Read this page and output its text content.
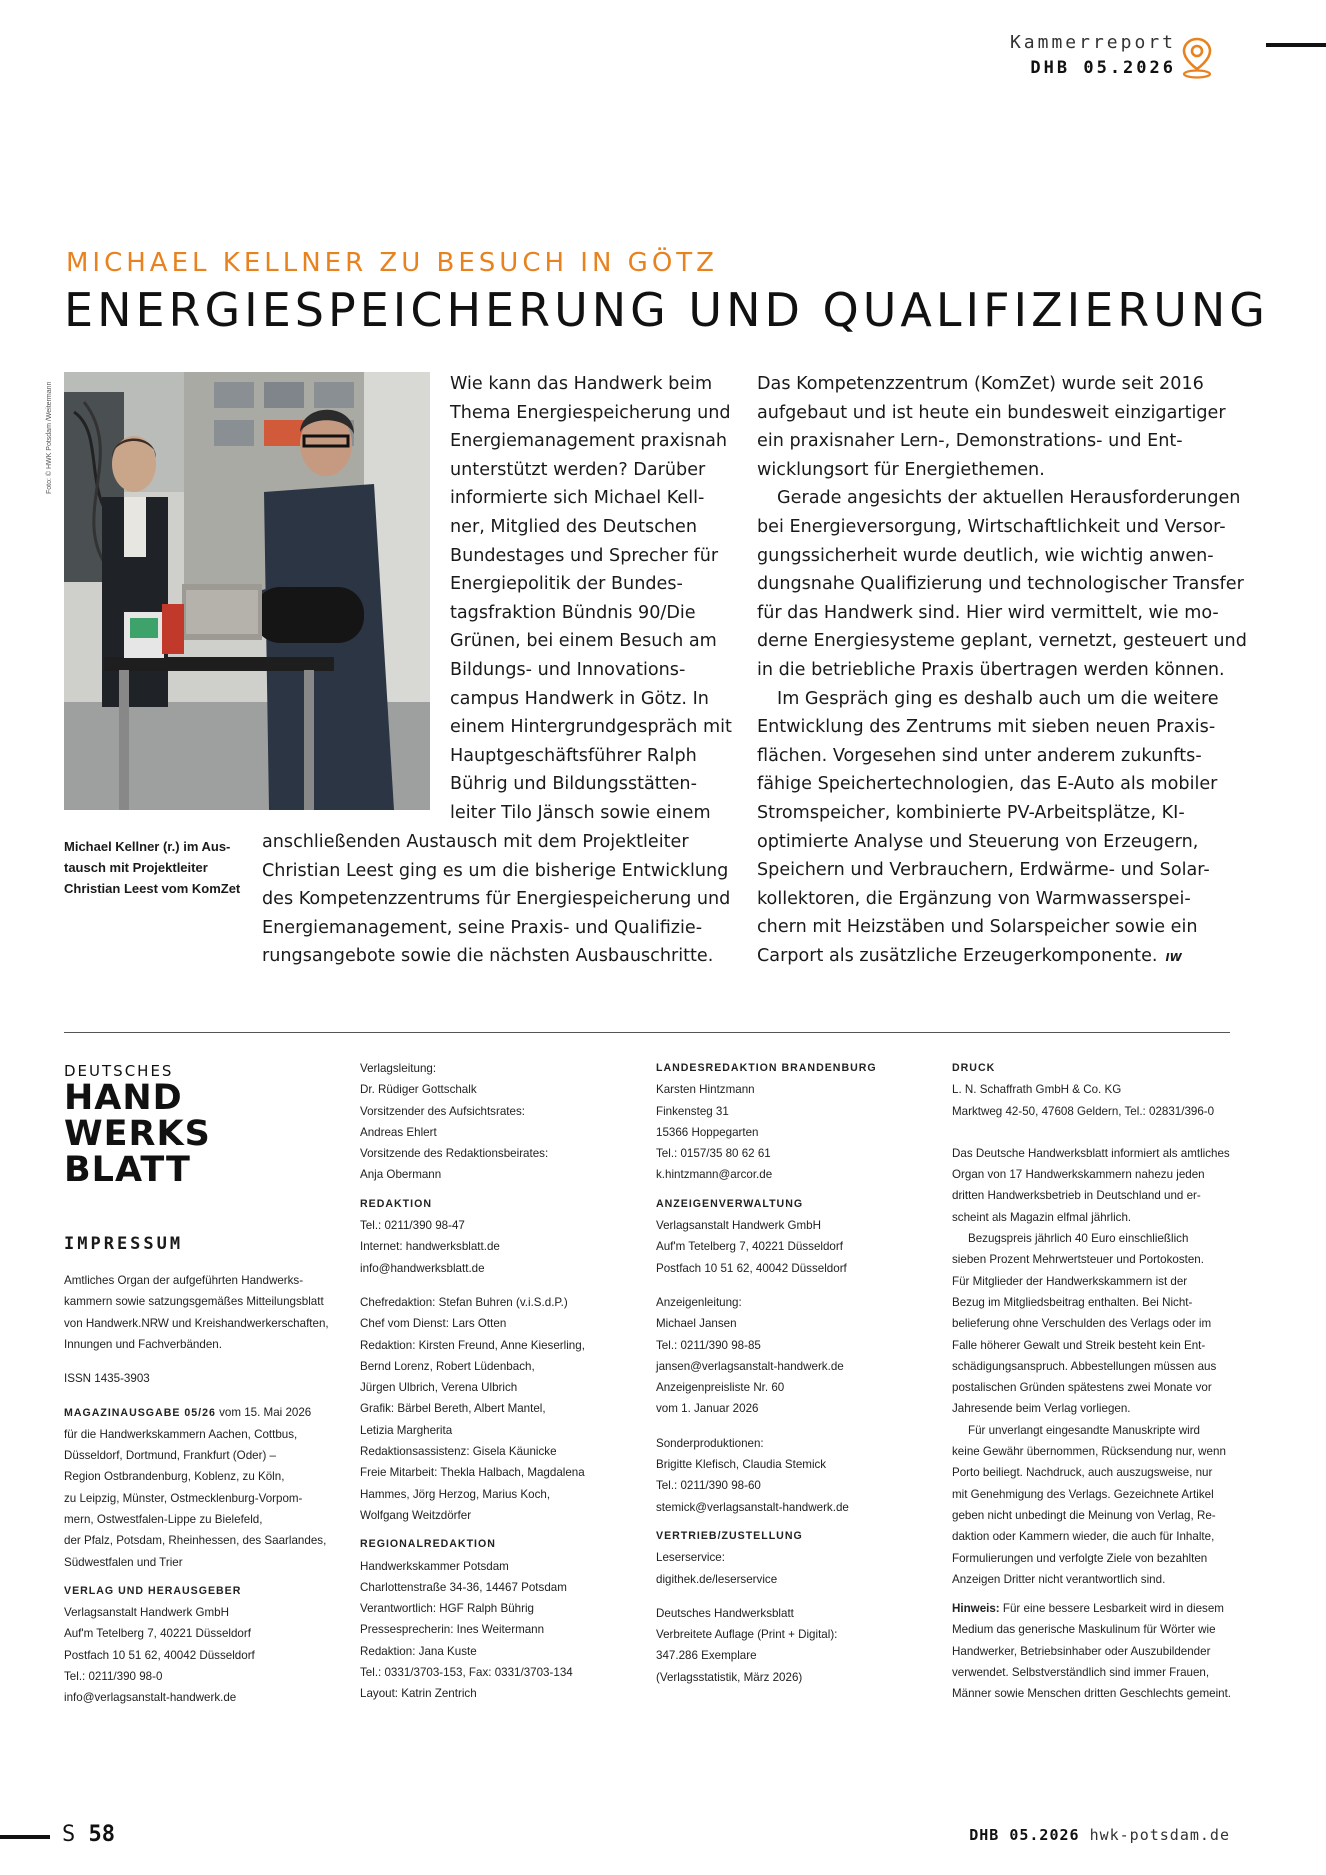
Kammerreport
DHB 05.2026
MICHAEL KELLNER ZU BESUCH IN GÖTZ
ENERGIESPEICHERUNG UND QUALIFIZIERUNG
Foto: © HWK Potsdam /Weitermann
Michael Kellner (r.) im Aus-
tausch mit Projektleiter
Christian Leest vom KomZet
Wie kann das Handwerk beim
Thema Energiespeicherung und
Energiemanagement praxisnah
unterstützt werden? Darüber
informierte sich Michael Kell-
ner, Mitglied des Deutschen
Bundestages und Sprecher für
Energiepolitik der Bundes-
tagsfraktion Bündnis 90/Die
Grünen, bei einem Besuch am
Bildungs- und Innovations-
campus Handwerk in Götz. In
einem Hintergrundgespräch mit
Hauptgeschäftsführer Ralph
Bührig und Bildungsstätten-
leiter Tilo Jänsch sowie einem
anschließenden Austausch mit dem Projektleiter
Christian Leest ging es um die bisherige Entwicklung
des Kompetenzzentrums für Energiespeicherung und
Energiemanagement, seine Praxis- und Qualifizie-
rungsangebote sowie die nächsten Ausbauschritte.
Das Kompetenzzentrum (KomZet) wurde seit 2016
aufgebaut und ist heute ein bundesweit einzigartiger
ein praxisnaher Lern-, Demonstrations- und Ent-
wicklungsort für Energiethemen.
Gerade angesichts der aktuellen Herausforderungen
bei Energieversorgung, Wirtschaftlichkeit und Versor-
gungssicherheit wurde deutlich, wie wichtig anwen-
dungsnahe Qualifizierung und technologischer Transfer
für das Handwerk sind. Hier wird vermittelt, wie mo-
derne Energiesysteme geplant, vernetzt, gesteuert und
in die betriebliche Praxis übertragen werden können.
Im Gespräch ging es deshalb auch um die weitere
Entwicklung des Zentrums mit sieben neuen Praxis-
flächen. Vorgesehen sind unter anderem zukunfts-
fähige Speichertechnologien, das E-Auto als mobiler
Stromspeicher, kombinierte PV-Arbeitsplätze, KI-
optimierte Analyse und Steuerung von Erzeugern,
Speichern und Verbrauchern, Erdwärme- und Solar-
kollektoren, die Ergänzung von Warmwasserspei-
chern mit Heizstäben und Solarspeicher sowie ein
Carport als zusätzliche Erzeugerkomponente. IW
DEUTSCHES
HAND
WERKS
BLATT
IMPRESSUM
Amtliches Organ der aufgeführten Handwerks-
kammern sowie satzungsgemäßes Mitteilungsblatt
von Handwerk.NRW und Kreishandwerkerschaften,
Innungen und Fachverbänden.
ISSN 1435-3903
MAGAZINAUSGABE 05/26 vom 15. Mai 2026
für die Handwerkskammern Aachen, Cottbus,
Düsseldorf, Dortmund, Frankfurt (Oder) –
Region Ostbrandenburg, Koblenz, zu Köln,
zu Leipzig, Münster, Ostmecklenburg-Vorpom-
mern, Ostwestfalen-Lippe zu Bielefeld,
der Pfalz, Potsdam, Rheinhessen, des Saarlandes,
Südwestfalen und Trier
VERLAG UND HERAUSGEBER
Verlagsanstalt Handwerk GmbH
Auf'm Tetelberg 7, 40221 Düsseldorf
Postfach 10 51 62, 40042 Düsseldorf
Tel.: 0211/390 98-0
info@verlagsanstalt-handwerk.de
Verlagsleitung:
Dr. Rüdiger Gottschalk
Vorsitzender des Aufsichtsrates:
Andreas Ehlert
Vorsitzende des Redaktionsbeirates:
Anja Obermann
REDAKTION
Tel.: 0211/390 98-47
Internet: handwerksblatt.de
info@handwerksblatt.de
Chefredaktion: Stefan Buhren (v.i.S.d.P.)
Chef vom Dienst: Lars Otten
Redaktion: Kirsten Freund, Anne Kieserling,
Bernd Lorenz, Robert Lüdenbach,
Jürgen Ulbrich, Verena Ulbrich
Grafik: Bärbel Bereth, Albert Mantel,
Letizia Margherita
Redaktionsassistenz: Gisela Käunicke
Freie Mitarbeit: Thekla Halbach, Magdalena
Hammes, Jörg Herzog, Marius Koch,
Wolfgang Weitzdörfer
REGIONALREDAKTION
Handwerkskammer Potsdam
Charlottenstraße 34-36, 14467 Potsdam
Verantwortlich: HGF Ralph Bührig
Pressesprecherin: Ines Weitermann
Redaktion: Jana Kuste
Tel.: 0331/3703-153, Fax: 0331/3703-134
Layout: Katrin Zentrich
LANDESREDAKTION BRANDENBURG
Karsten Hintzmann
Finkensteg 31
15366 Hoppegarten
Tel.: 0157/35 80 62 61
k.hintzmann@arcor.de
ANZEIGENVERWALTUNG
Verlagsanstalt Handwerk GmbH
Auf'm Tetelberg 7, 40221 Düsseldorf
Postfach 10 51 62, 40042 Düsseldorf
Anzeigenleitung:
Michael Jansen
Tel.: 0211/390 98-85
jansen@verlagsanstalt-handwerk.de
Anzeigenpreisliste Nr. 60
vom 1. Januar 2026
Sonderproduktionen:
Brigitte Klefisch, Claudia Stemick
Tel.: 0211/390 98-60
stemick@verlagsanstalt-handwerk.de
VERTRIEB/ZUSTELLUNG
Leserservice:
digithek.de/leserservice
Deutsches Handwerksblatt
Verbreitete Auflage (Print + Digital):
347.286 Exemplare
(Verlagsstatistik, März 2026)
DRUCK
L. N. Schaffrath GmbH & Co. KG
Marktweg 42-50, 47608 Geldern, Tel.: 02831/396-0
Das Deutsche Handwerksblatt informiert als amtliches
Organ von 17 Handwerkskammern nahezu jeden
dritten Handwerksbetrieb in Deutschland und er-
scheint als Magazin elfmal jährlich.
Bezugspreis jährlich 40 Euro einschließlich
sieben Prozent Mehrwertsteuer und Portokosten.
Für Mitglieder der Handwerkskammern ist der
Bezug im Mitgliedsbeitrag enthalten. Bei Nicht-
belieferung ohne Verschulden des Verlags oder im
Falle höherer Gewalt und Streik besteht kein Ent-
schädigungsanspruch. Abbestellungen müssen aus
postalischen Gründen spätestens zwei Monate vor
Jahresende beim Verlag vorliegen.
Für unverlangt eingesandte Manuskripte wird
keine Gewähr übernommen, Rücksendung nur, wenn
Porto beiliegt. Nachdruck, auch auszugsweise, nur
mit Genehmigung des Verlags. Gezeichnete Artikel
geben nicht unbedingt die Meinung von Verlag, Re-
daktion oder Kammern wieder, die auch für Inhalte,
Formulierungen und verfolgte Ziele von bezahlten
Anzeigen Dritter nicht verantwortlich sind.
Hinweis: Für eine bessere Lesbarkeit wird in diesem
Medium das generische Maskulinum für Wörter wie
Handwerker, Betriebsinhaber oder Auszubildender
verwendet. Selbstverständlich sind immer Frauen,
Männer sowie Menschen dritten Geschlechts gemeint.
S 58	DHB 05.2026 hwk-potsdam.de
